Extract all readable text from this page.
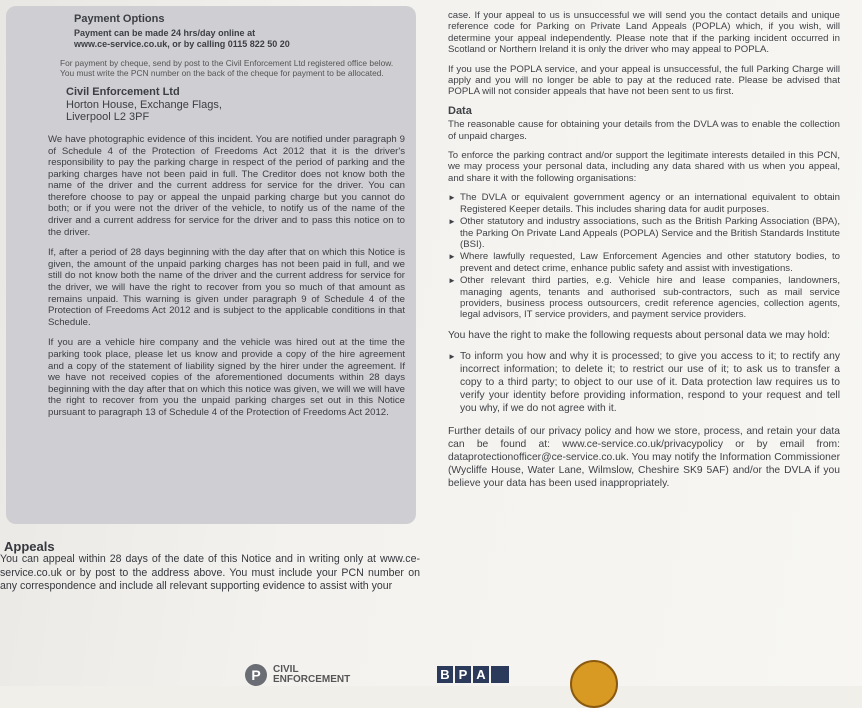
Payment Options
Payment can be made 24 hrs/day online at
www.ce-service.co.uk, or by calling 0115 822 50 20
For payment by cheque, send by post to the Civil Enforcement Ltd registered office below. You must write the PCN number on the back of the cheque for payment to be allocated.
Civil Enforcement Ltd
Horton House, Exchange Flags,
Liverpool L2 3PF

We have photographic evidence of this incident. You are notified under paragraph 9 of Schedule 4 of the Protection of Freedoms Act 2012 that it is the driver's responsibility to pay the parking charge in respect of the period of parking and the parking charges have not been paid in full. The Creditor does not know both the name of the driver and the current address for service for the driver. You can therefore choose to pay or appeal the unpaid parking charge but you cannot do both; or if you were not the driver of the vehicle, to notify us of the name of the driver and a current address for service for the driver and to pass this notice on to the driver.

If, after a period of 28 days beginning with the day after that on which this Notice is given, the amount of the unpaid parking charges has not been paid in full, and we still do not know both the name of the driver and the current address for service for the driver, we will have the right to recover from you so much of that amount as remains unpaid. This warning is given under paragraph 9 of Schedule 4 of the Protection of Freedoms Act 2012 and is subject to the applicable conditions in that Schedule.

If you are a vehicle hire company and the vehicle was hired out at the time the parking took place, please let us know and provide a copy of the hire agreement and a copy of the statement of liability signed by the hirer under the agreement. If we have not received copies of the aforementioned documents within 28 days beginning with the day after that on which this notice was given, we will we will have the right to recover from you the unpaid parking charges set out in this Notice pursuant to paragraph 13 of Schedule 4 of the Protection of Freedoms Act 2012.

Appeals

You can appeal within 28 days of the date of this Notice and in writing only at www.ce-service.co.uk or by post to the address above. You must include your PCN number on any correspondence and include all relevant supporting evidence to assist with your

case. If your appeal to us is unsuccessful we will send you the contact details and unique reference code for Parking on Private Land Appeals (POPLA) which, if you wish, will determine your appeal independently. Please note that if the parking incident occurred in Scotland or Northern Ireland it is only the driver who may appeal to POPLA.

If you use the POPLA service, and your appeal is unsuccessful, the full Parking Charge will apply and you will no longer be able to pay at the reduced rate. Please be advised that POPLA will not consider appeals that have not been sent to us first.

Data

The reasonable cause for obtaining your details from the DVLA was to enable the collection of unpaid charges.

To enforce the parking contract and/or support the legitimate interests detailed in this PCN, we may process your personal data, including any data shared with us when you appeal, and share it with the following organisations:

► The DVLA or equivalent government agency or an international equivalent to obtain Registered Keeper details. This includes sharing data for audit purposes.
► Other statutory and industry associations, such as the British Parking Association (BPA), the Parking On Private Land Appeals (POPLA) Service and the British Standards Institute (BSI).
► Where lawfully requested, Law Enforcement Agencies and other statutory bodies, to prevent and detect crime, enhance public safety and assist with investigations.
► Other relevant third parties, e.g. Vehicle hire and lease companies, landowners, managing agents, tenants and authorised sub-contractors, such as mail service providers, business process outsourcers, credit reference agencies, collection agents, legal advisors, IT service providers, and payment service providers.

You have the right to make the following requests about personal data we may hold:

► To inform you how and why it is processed; to give you access to it; to rectify any incorrect information; to delete it; to restrict our use of it; to ask us to transfer a copy to a third party; to object to our use of it. Data protection law requires us to verify your identity before providing information, respond to your request and tell you why, if we do not agree with it.

Further details of our privacy policy and how we store, process, and retain your data can be found at: www.ce-service.co.uk/privacypolicy or by email from: dataprotectionofficer@ce-service.co.uk. You may notify the Information Commissioner (Wycliffe House, Water Lane, Wilmslow, Cheshire SK9 5AF) and/or the DVLA if you believe your data has been used inappropriately.

P	CIVIL
ENFORCEMENT	B P A
